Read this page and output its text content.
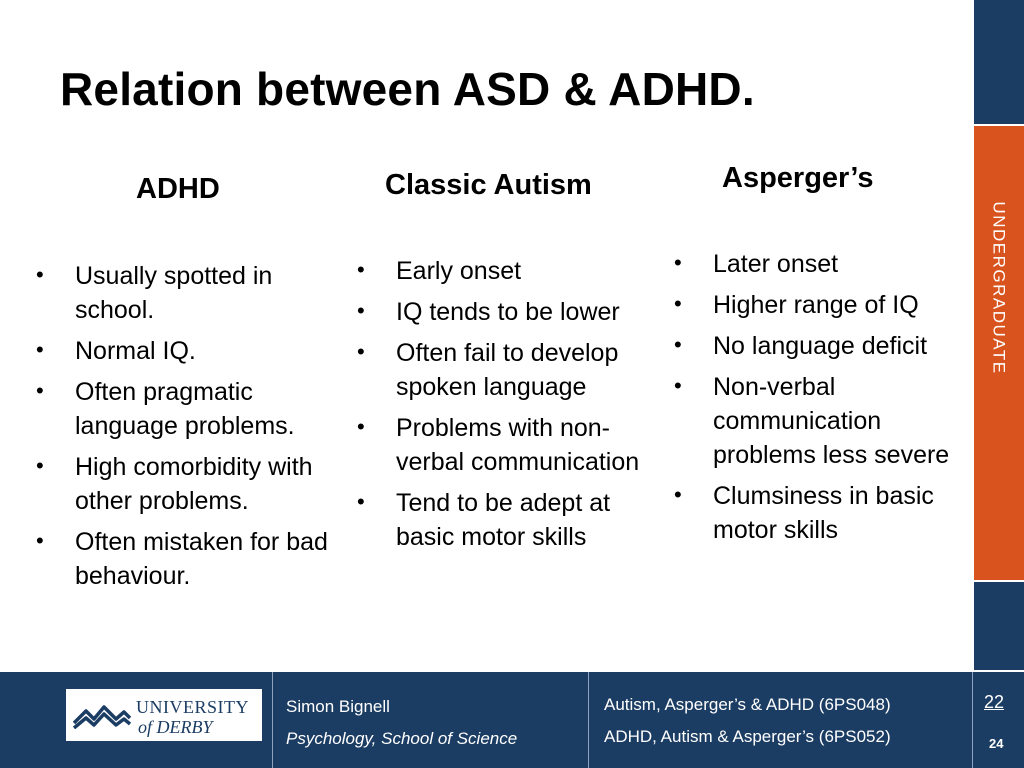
Relation between ASD & ADHD.
ADHD
• Usually spotted in school.
• Normal IQ.
• Often pragmatic language problems.
• High comorbidity with other problems.
• Often mistaken for bad behaviour.
Classic Autism
• Early onset
• IQ tends to be lower
• Often fail to develop spoken language
• Problems with non-verbal communication
• Tend to be adept at basic motor skills
Asperger’s
• Later onset
• Higher range of IQ
• No language deficit
• Non-verbal communication problems less severe
• Clumsiness in basic motor skills
UNDERGRADUATE
UNIVERSITY
of DERBY
Simon Bignell
Psychology, School of Science
Autism, Asperger’s & ADHD (6PS048)
ADHD, Autism & Asperger’s (6PS052)
22
24
